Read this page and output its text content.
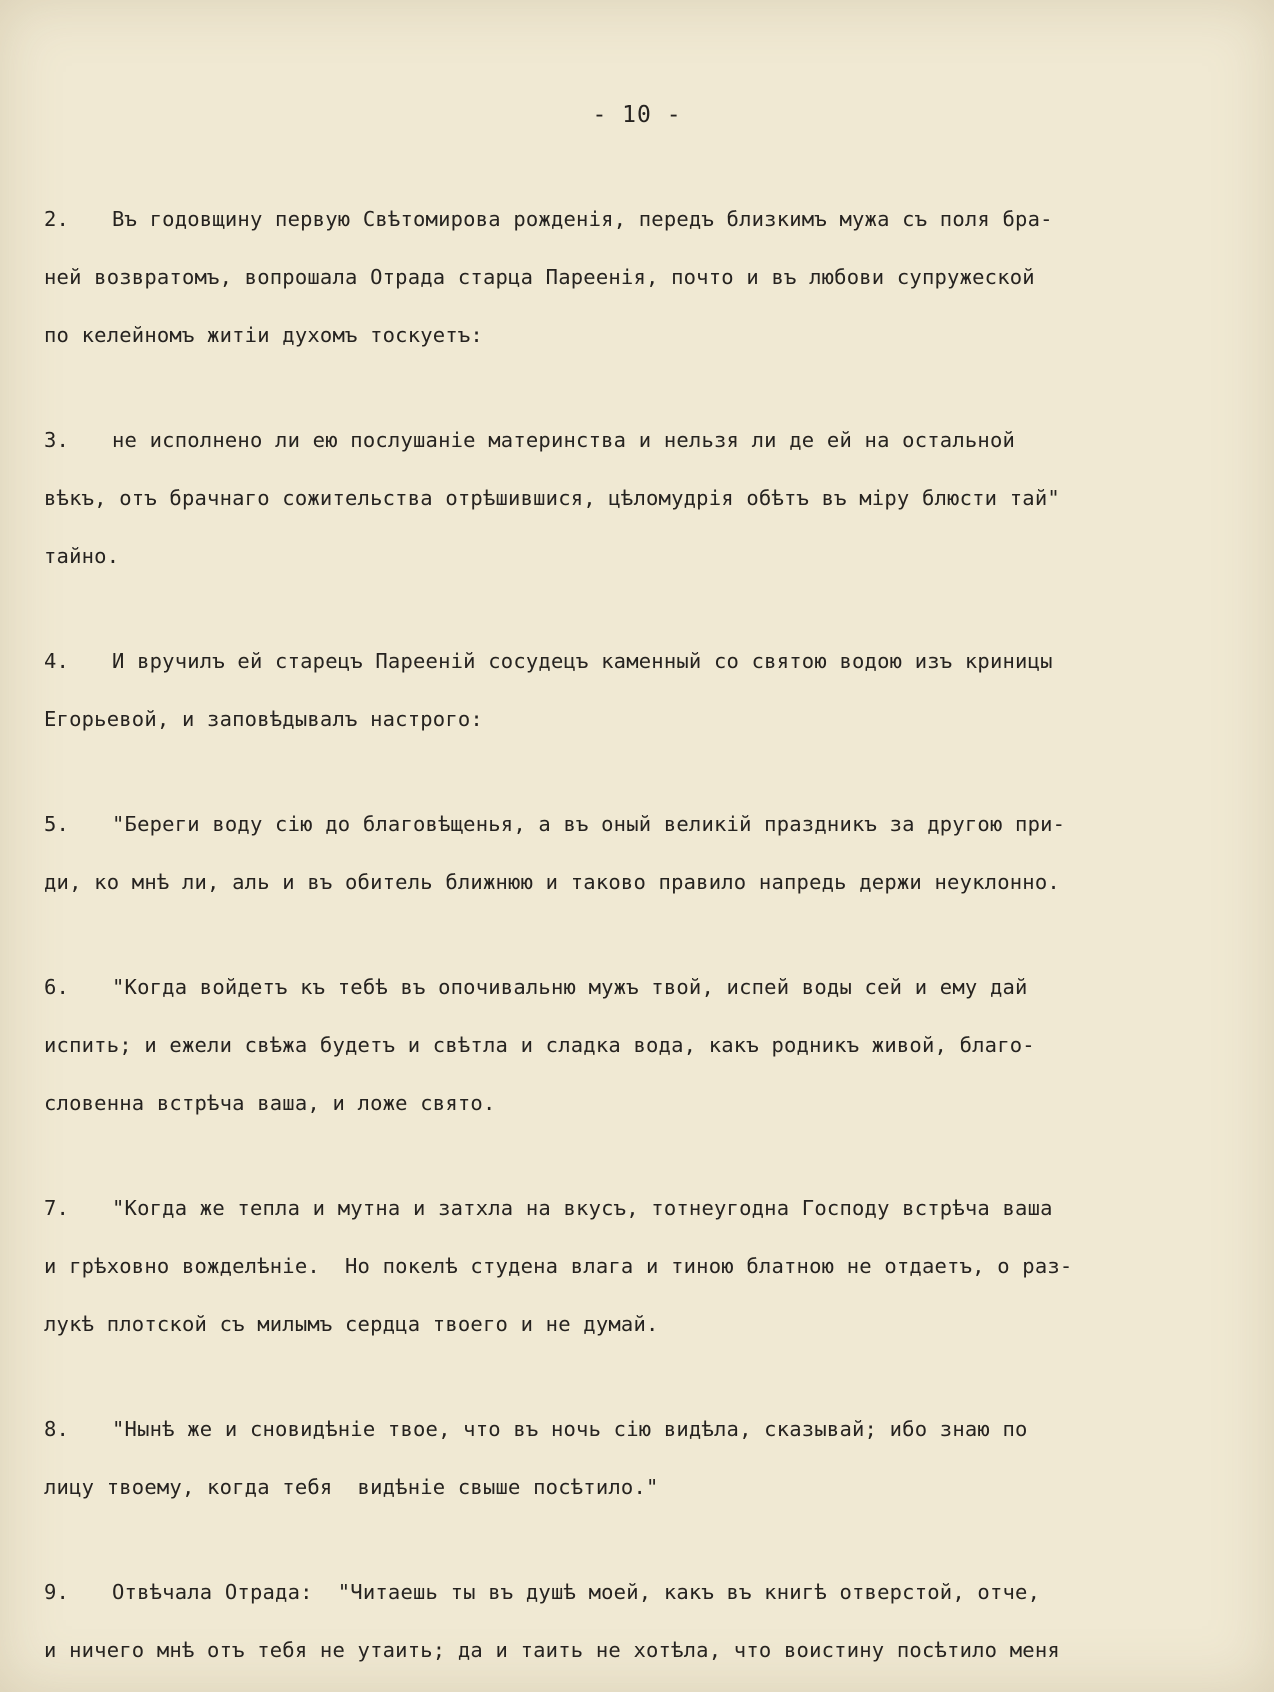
- 10 -
2. Въ годовщину первую Свѣтомирова рожденія, передъ близкимъ мужа съ поля бра-
ней возвратомъ, вопрошала Отрада старца Пареенія, почто и въ любови супружеской
по келейномъ житіи духомъ тоскуетъ:
3. не исполнено ли ею послушаніе материнства и нельзя ли де ей на остальной
вѣкъ, отъ брачнаго сожительства отрѣшившися, цѣломудрія обѣтъ въ міру блюсти тай"
тайно.
4. И вручилъ ей старецъ Пареенiй сосудецъ каменный со святою водою изъ криницы
Егорьевой, и заповѣдывалъ настрого:
5. "Береги воду сію до благовѣщенья, а въ оный великій праздникъ за другою при-
ди, ко мнѣ ли, аль и въ обитель ближнюю и таково правило напредь держи неуклонно.
6. "Когда войдетъ къ тебѣ въ опочивальню мужъ твой, испей воды сей и ему дай
испить; и ежели свѣжа будетъ и свѣтла и сладка вода, какъ родникъ живой, благо-
словенна встрѣча ваша, и ложе свято.
7. "Когда же тепла и мутна и затхла на вкусъ, тотнеугодна Господу встрѣча ваша
и грѣховно вожделѣніе.  Но покелѣ студена влага и тиною блатною не отдаетъ, о раз-
лукѣ плотской съ милымъ сердца твоего и не думай.
8. "Нынѣ же и сновидѣніе твое, что въ ночь сію видѣла, сказывай; ибо знаю по
лицу твоему, когда тебя  видѣніе свыше посѣтило."
9. Отвѣчала Отрада:  "Читаешь ты въ душѣ моей, какъ въ книгѣ отверстой, отче,
и ничего мнѣ отъ тебя не утаить; да и таить не хотѣла, что воистину посѣтило меня
